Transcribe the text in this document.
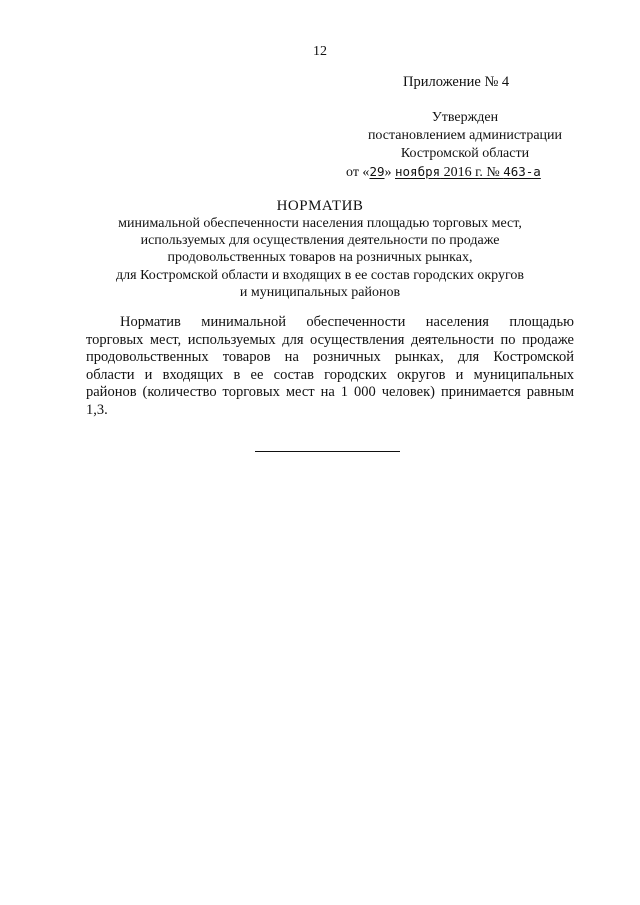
12
Приложение № 4
Утвержден
постановлением администрации
Костромской области
от «29» ноября 2016 г. № 463-а
НОРМАТИВ
минимальной обеспеченности населения площадью торговых мест,
используемых для осуществления деятельности по продаже
продовольственных товаров на розничных рынках,
для Костромской области и входящих в ее состав городских округов
и муниципальных районов
Норматив минимальной обеспеченности населения площадью
торговых мест, используемых для осуществления деятельности по продаже
продовольственных товаров на розничных рынках, для Костромской
области и входящих в ее состав городских округов и муниципальных
районов (количество торговых мест на 1 000 человек) принимается равным
1,3.
